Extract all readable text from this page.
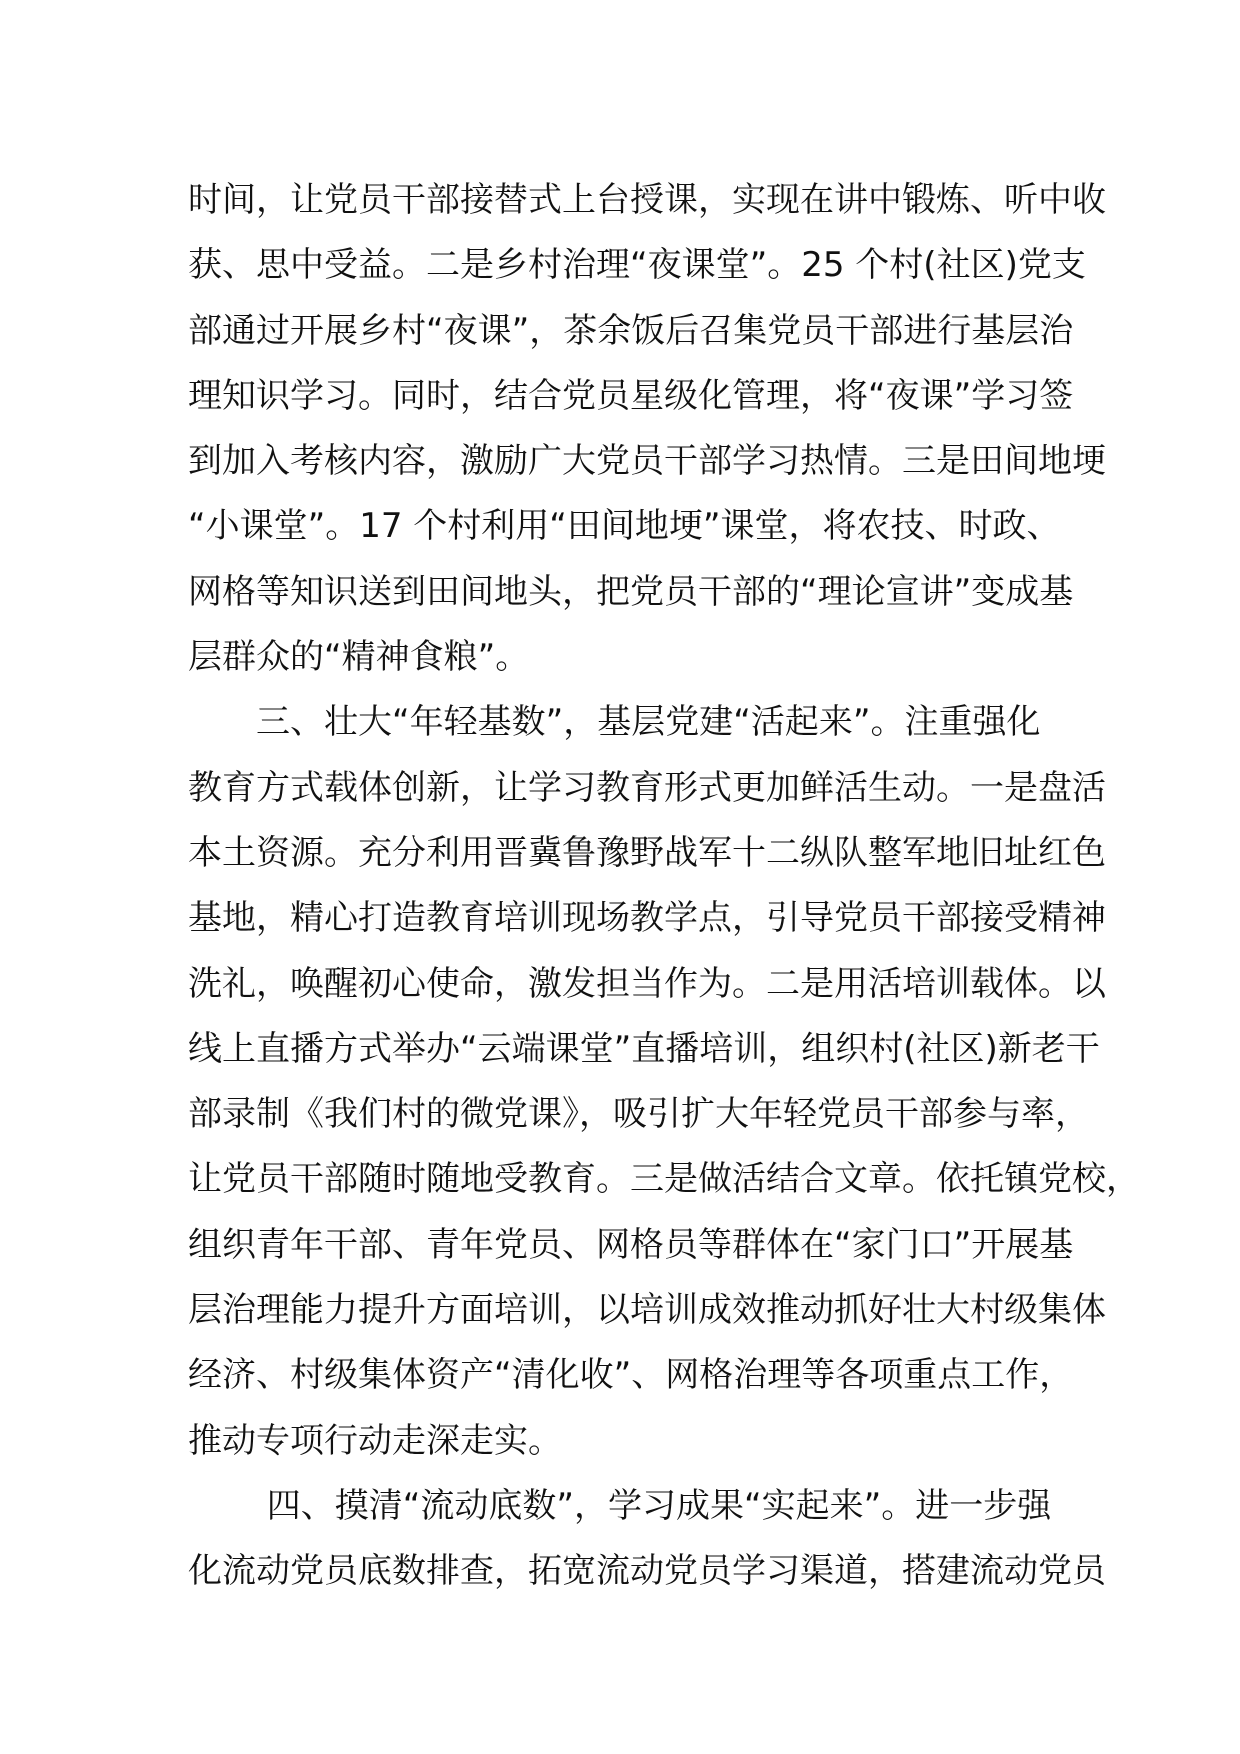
时间，让党员干部接替式上台授课，实现在讲中锻炼、听中收
获、思中受益。二是乡村治理“夜课堂”。25 个村(社区)党支
部通过开展乡村“夜课”，茶余饭后召集党员干部进行基层治
理知识学习。同时，结合党员星级化管理，将“夜课”学习签
到加入考核内容，激励广大党员干部学习热情。三是田间地埂
“小课堂”。17 个村利用“田间地埂”课堂，将农技、时政、
网格等知识送到田间地头，把党员干部的“理论宣讲”变成基
层群众的“精神食粮”。
　　三、壮大“年轻基数”，基层党建“活起来”。注重强化
教育方式载体创新，让学习教育形式更加鲜活生动。一是盘活
本土资源。充分利用晋冀鲁豫野战军十二纵队整军地旧址红色
基地，精心打造教育培训现场教学点，引导党员干部接受精神
洗礼，唤醒初心使命，激发担当作为。二是用活培训载体。以
线上直播方式举办“云端课堂”直播培训，组织村(社区)新老干
部录制《我们村的微党课》，吸引扩大年轻党员干部参与率，
让党员干部随时随地受教育。三是做活结合文章。依托镇党校，
组织青年干部、青年党员、网格员等群体在“家门口”开展基
层治理能力提升方面培训，以培训成效推动抓好壮大村级集体
经济、村级集体资产“清化收”、网格治理等各项重点工作，
推动专项行动走深走实。
　　 四、摸清“流动底数”，学习成果“实起来”。进一步强
化流动党员底数排查，拓宽流动党员学习渠道，搭建流动党员
